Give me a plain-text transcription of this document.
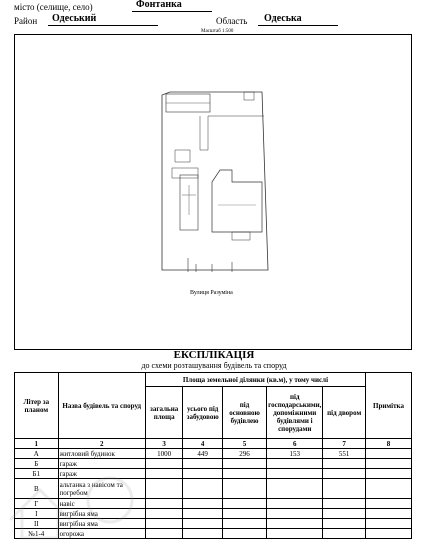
місто (селище, село)	Фонтанка
Район Одеський	Область Одеська
Масштаб 1:500
Вулиця Разуміна
ЕКСПЛІКАЦІЯ
до схеми розташування будівель та споруд
Літер за планом	Назва будівель та споруд	Площа земельної ділянки (кв.м), у тому числі					Примітка
		загальна площа	усього під забудовою	під основною будівлею	під господарськими, допоміжними будівлями і спорудами	під двором	
1	2	3	4	5	6	7	8
А	житловий будинок	1000	449	296	153	551	
Б	гараж						
Б1	гараж						
В	альтанка з навісом та погребом						
Г	навіс						
І	вигрібна яма						
ІІ	вигрібна яма						
№1-4	огорожа						
